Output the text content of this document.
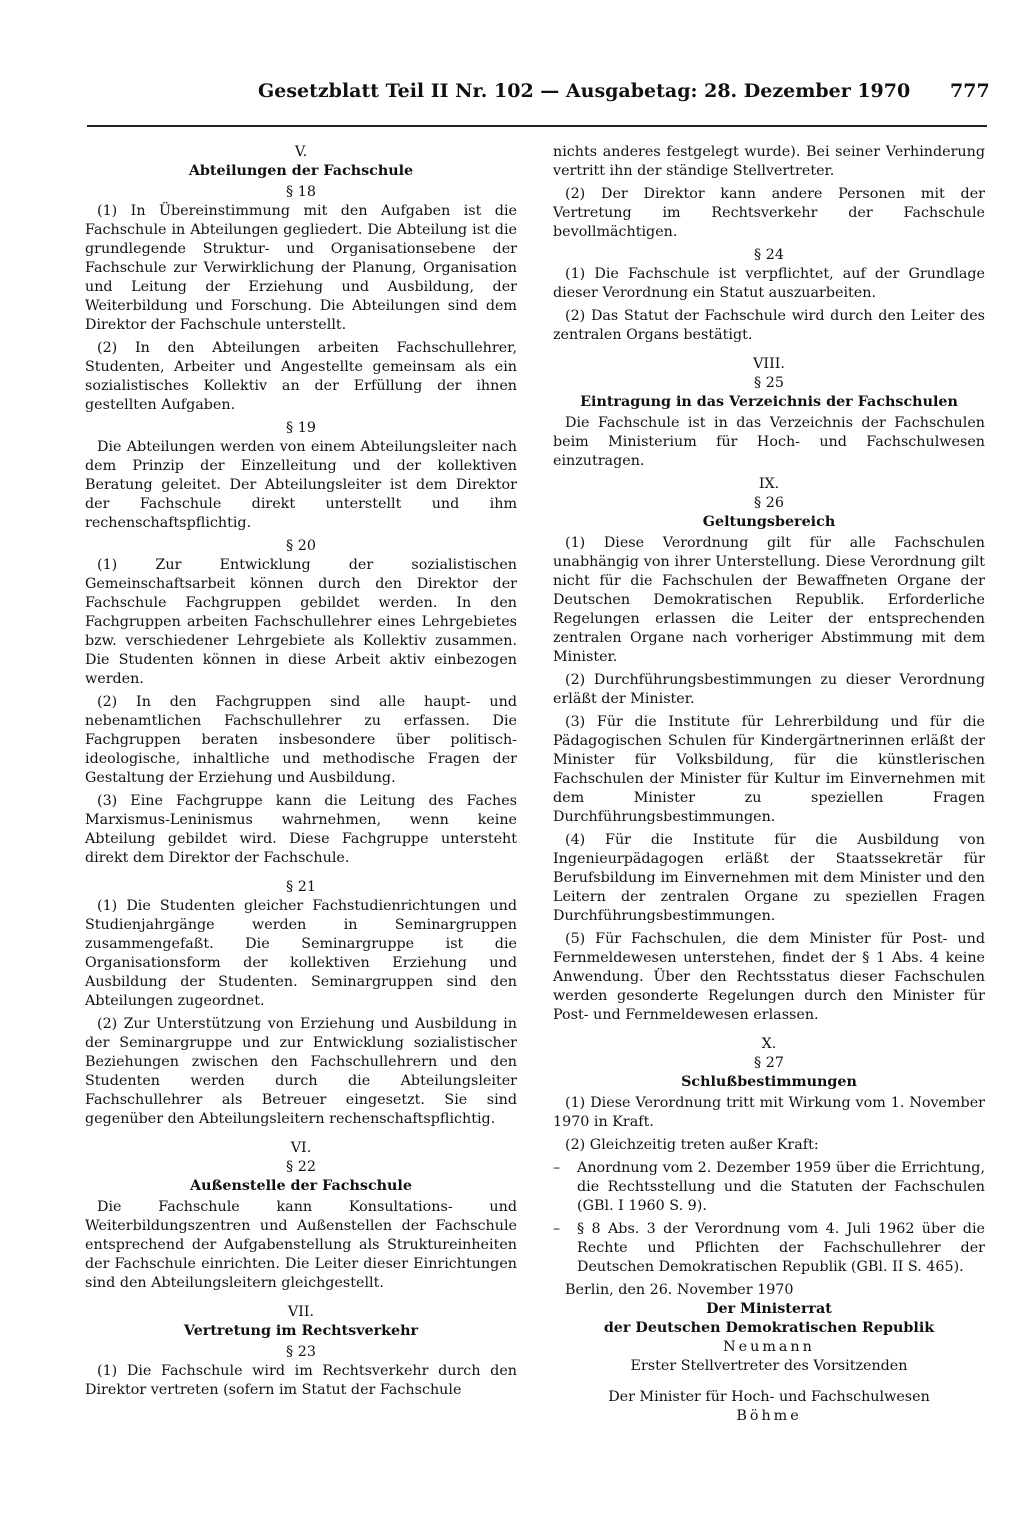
Gesetzblatt Teil II Nr. 102 — Ausgabetag: 28. Dezember 1970 777

V.

Abteilungen der Fachschule

§ 18

(1) In Übereinstimmung mit den Aufgaben ist die Fachschule in Abteilungen gegliedert. Die Abteilung ist die grundlegende Struktur- und Organisationsebene der Fachschule zur Verwirklichung der Planung, Organisation und Leitung der Erziehung und Ausbildung, der Weiterbildung und Forschung. Die Abteilungen sind dem Direktor der Fachschule unterstellt.

(2) In den Abteilungen arbeiten Fachschullehrer, Studenten, Arbeiter und Angestellte gemeinsam als ein sozialistisches Kollektiv an der Erfüllung der ihnen gestellten Aufgaben.

§ 19

Die Abteilungen werden von einem Abteilungsleiter nach dem Prinzip der Einzelleitung und der kollektiven Beratung geleitet. Der Abteilungsleiter ist dem Direktor der Fachschule direkt unterstellt und ihm rechenschaftspflichtig.

§ 20

(1) Zur Entwicklung der sozialistischen Gemeinschaftsarbeit können durch den Direktor der Fachschule Fachgruppen gebildet werden. In den Fachgruppen arbeiten Fachschullehrer eines Lehrgebietes bzw. verschiedener Lehrgebiete als Kollektiv zusammen. Die Studenten können in diese Arbeit aktiv einbezogen werden.

(2) In den Fachgruppen sind alle haupt- und nebenamtlichen Fachschullehrer zu erfassen. Die Fachgruppen beraten insbesondere über politisch-ideologische, inhaltliche und methodische Fragen der Gestaltung der Erziehung und Ausbildung.

(3) Eine Fachgruppe kann die Leitung des Faches Marxismus-Leninismus wahrnehmen, wenn keine Abteilung gebildet wird. Diese Fachgruppe untersteht direkt dem Direktor der Fachschule.

§ 21

(1) Die Studenten gleicher Fachstudienrichtungen und Studienjahrgänge werden in Seminargruppen zusammengefaßt. Die Seminargruppe ist die Organisationsform der kollektiven Erziehung und Ausbildung der Studenten. Seminargruppen sind den Abteilungen zugeordnet.

(2) Zur Unterstützung von Erziehung und Ausbildung in der Seminargruppe und zur Entwicklung sozialistischer Beziehungen zwischen den Fachschullehrern und den Studenten werden durch die Abteilungsleiter Fachschullehrer als Betreuer eingesetzt. Sie sind gegenüber den Abteilungsleitern rechenschaftspflichtig.

VI.

§ 22

Außenstelle der Fachschule

Die Fachschule kann Konsultations- und Weiterbildungszentren und Außenstellen der Fachschule entsprechend der Aufgabenstellung als Struktureinheiten der Fachschule einrichten. Die Leiter dieser Einrichtungen sind den Abteilungsleitern gleichgestellt.

VII.

Vertretung im Rechtsverkehr

§ 23

(1) Die Fachschule wird im Rechtsverkehr durch den Direktor vertreten (sofern im Statut der Fachschule

nichts anderes festgelegt wurde). Bei seiner Verhinderung vertritt ihn der ständige Stellvertreter.

(2) Der Direktor kann andere Personen mit der Vertretung im Rechtsverkehr der Fachschule bevollmächtigen.

§ 24

(1) Die Fachschule ist verpflichtet, auf der Grundlage dieser Verordnung ein Statut auszuarbeiten.

(2) Das Statut der Fachschule wird durch den Leiter des zentralen Organs bestätigt.

VIII.

§ 25

Eintragung in das Verzeichnis der Fachschulen

Die Fachschule ist in das Verzeichnis der Fachschulen beim Ministerium für Hoch- und Fachschulwesen einzutragen.

IX.

§ 26

Geltungsbereich

(1) Diese Verordnung gilt für alle Fachschulen unabhängig von ihrer Unterstellung. Diese Verordnung gilt nicht für die Fachschulen der Bewaffneten Organe der Deutschen Demokratischen Republik. Erforderliche Regelungen erlassen die Leiter der entsprechenden zentralen Organe nach vorheriger Abstimmung mit dem Minister.

(2) Durchführungsbestimmungen zu dieser Verordnung erläßt der Minister.

(3) Für die Institute für Lehrerbildung und für die Pädagogischen Schulen für Kindergärtnerinnen erläßt der Minister für Volksbildung, für die künstlerischen Fachschulen der Minister für Kultur im Einvernehmen mit dem Minister zu speziellen Fragen Durchführungsbestimmungen.

(4) Für die Institute für die Ausbildung von Ingenieurpädagogen erläßt der Staatssekretär für Berufsbildung im Einvernehmen mit dem Minister und den Leitern der zentralen Organe zu speziellen Fragen Durchführungsbestimmungen.

(5) Für Fachschulen, die dem Minister für Post- und Fernmeldewesen unterstehen, findet der § 1 Abs. 4 keine Anwendung. Über den Rechtsstatus dieser Fachschulen werden gesonderte Regelungen durch den Minister für Post- und Fernmeldewesen erlassen.

X.

§ 27

Schlußbestimmungen

(1) Diese Verordnung tritt mit Wirkung vom 1. November 1970 in Kraft.

(2) Gleichzeitig treten außer Kraft:

– Anordnung vom 2. Dezember 1959 über die Errichtung, die Rechtsstellung und die Statuten der Fachschulen (GBl. I 1960 S. 9).

– § 8 Abs. 3 der Verordnung vom 4. Juli 1962 über die Rechte und Pflichten der Fachschullehrer der Deutschen Demokratischen Republik (GBl. II S. 465).

Berlin, den 26. November 1970

Der Ministerrat

der Deutschen Demokratischen Republik

Neumann

Erster Stellvertreter des Vorsitzenden

Der Minister für Hoch- und Fachschulwesen

Böhme
